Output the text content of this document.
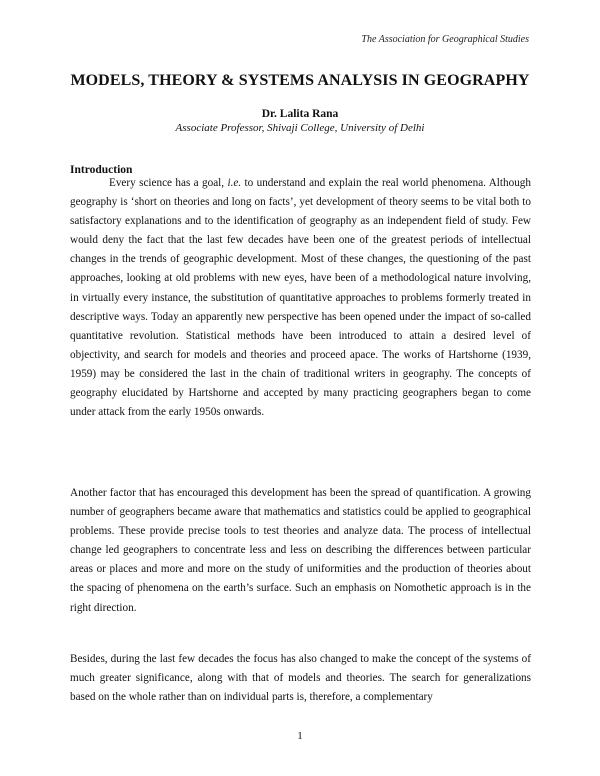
The Association for Geographical Studies
MODELS, THEORY & SYSTEMS ANALYSIS IN GEOGRAPHY
Dr. Lalita Rana
Associate Professor, Shivaji College, University of Delhi
Introduction
Every science has a goal, i.e. to understand and explain the real world phenomena. Although geography is ‘short on theories and long on facts’, yet development of theory seems to be vital both to satisfactory explanations and to the identification of geography as an independent field of study. Few would deny the fact that the last few decades have been one of the greatest periods of intellectual changes in the trends of geographic development. Most of these changes, the questioning of the past approaches, looking at old problems with new eyes, have been of a methodological nature involving, in virtually every instance, the substitution of quantitative approaches to problems formerly treated in descriptive ways. Today an apparently new perspective has been opened under the impact of so-called quantitative revolution. Statistical methods have been introduced to attain a desired level of objectivity, and search for models and theories and proceed apace. The works of Hartshorne (1939, 1959) may be considered the last in the chain of traditional writers in geography. The concepts of geography elucidated by Hartshorne and accepted by many practicing geographers began to come under attack from the early 1950s onwards.
Another factor that has encouraged this development has been the spread of quantification. A growing number of geographers became aware that mathematics and statistics could be applied to geographical problems. These provide precise tools to test theories and analyze data. The process of intellectual change led geographers to concentrate less and less on describing the differences between particular areas or places and more and more on the study of uniformities and the production of theories about the spacing of phenomena on the earth’s surface. Such an emphasis on Nomothetic approach is in the right direction.
Besides, during the last few decades the focus has also changed to make the concept of the systems of much greater significance, along with that of models and theories. The search for generalizations based on the whole rather than on individual parts is, therefore, a complementary
1
